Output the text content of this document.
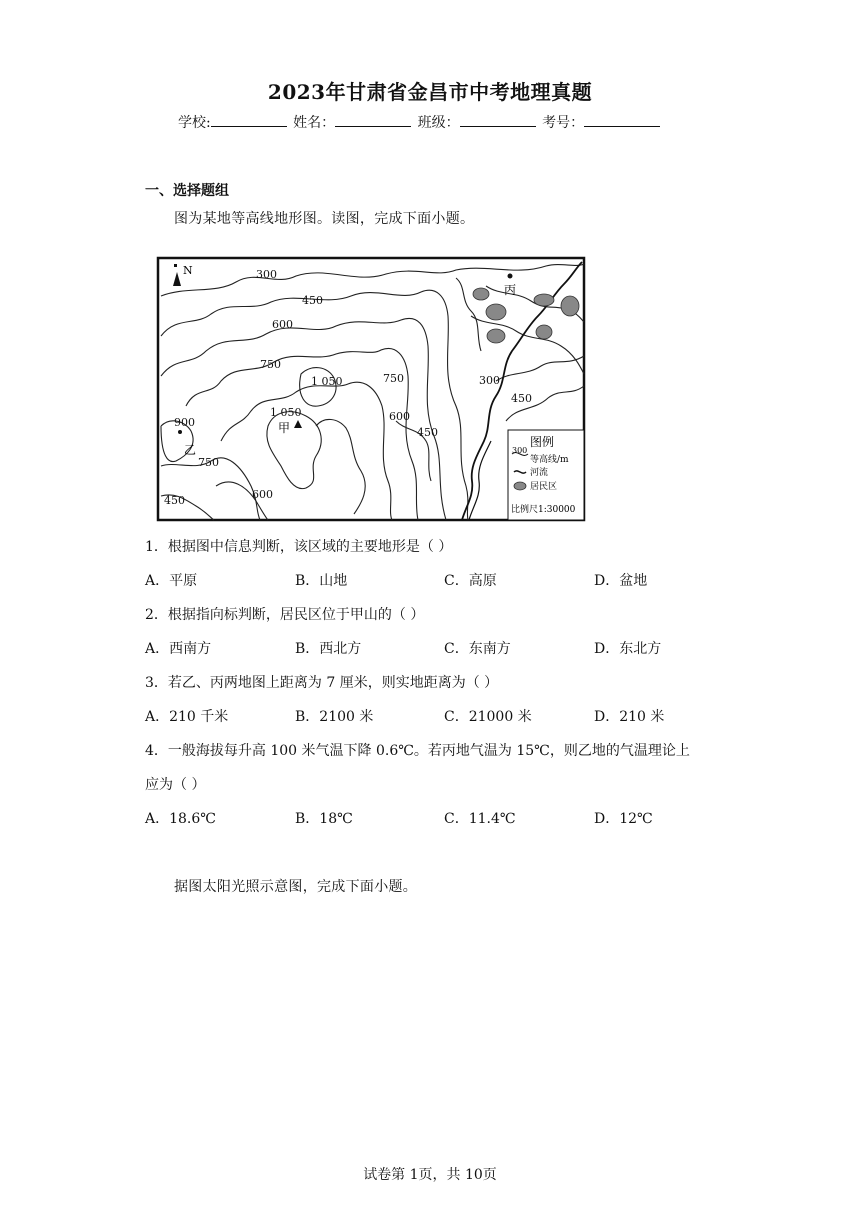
2023年甘肃省金昌市中考地理真题
学校:	姓名：	班级：	考号：
一、选择题组
图为某地等高线地形图。读图，完成下面小题。
N
丙
甲
乙
300
450
600
750
1 050	750
1 050	600
450
300
450
900
750
450	600
图例
300
等高线/m
河流
居民区
比例尺1:30000
1．根据图中信息判断，该区域的主要地形是（ ）
A．平原	B．山地	C．高原	D．盆地
2．根据指向标判断，居民区位于甲山的（ ）
A．西南方	B．西北方	C．东南方	D．东北方
3．若乙、丙两地图上距离为 7 厘米，则实地距离为（ ）
A．210 千米	B．2100 米	C．21000 米	D．210 米
4．一般海拔每升高 100 米气温下降 0.6℃。若丙地气温为 15℃，则乙地的气温理论上
应为（ ）
A．18.6℃	B．18℃	C．11.4℃	D．12℃
据图太阳光照示意图，完成下面小题。
试卷第 1页，共 10页
